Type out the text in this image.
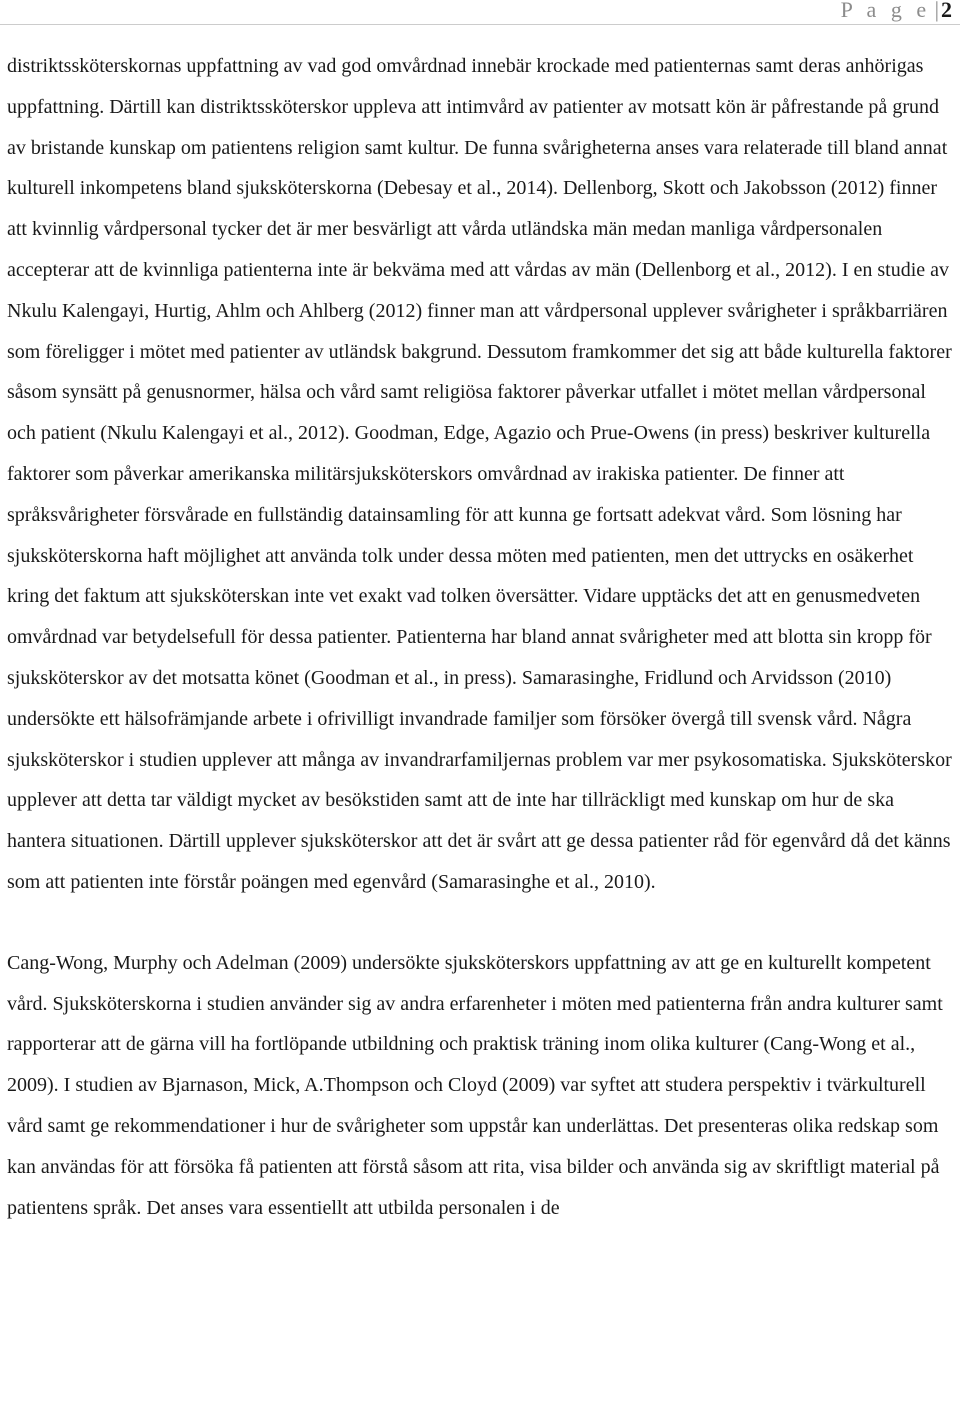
P a g e |2

distriktssköterskornas uppfattning av vad god omvårdnad innebär krockade med patienternas samt deras anhörigas uppfattning. Därtill kan distriktssköterskor uppleva att intimvård av patienter av motsatt kön är påfrestande på grund av bristande kunskap om patientens religion samt kultur. De funna svårigheterna anses vara relaterade till bland annat kulturell inkompetens bland sjuksköterskorna (Debesay et al., 2014). Dellenborg, Skott och Jakobsson (2012) finner att kvinnlig vårdpersonal tycker det är mer besvärligt att vårda utländska män medan manliga vårdpersonalen accepterar att de kvinnliga patienterna inte är bekväma med att vårdas av män (Dellenborg et al., 2012). I en studie av Nkulu Kalengayi, Hurtig, Ahlm och Ahlberg (2012) finner man att vårdpersonal upplever svårigheter i språkbarriären som föreligger i mötet med patienter av utländsk bakgrund. Dessutom framkommer det sig att både kulturella faktorer såsom synsätt på genusnormer, hälsa och vård samt religiösa faktorer påverkar utfallet i mötet mellan vårdpersonal och patient (Nkulu Kalengayi et al., 2012). Goodman, Edge, Agazio och Prue-Owens (in press) beskriver kulturella faktorer som påverkar amerikanska militärsjuksköterskors omvårdnad av irakiska patienter. De finner att språksvårigheter försvårade en fullständig datainsamling för att kunna ge fortsatt adekvat vård. Som lösning har sjuksköterskorna haft möjlighet att använda tolk under dessa möten med patienten, men det uttrycks en osäkerhet kring det faktum att sjuksköterskan inte vet exakt vad tolken översätter. Vidare upptäcks det att en genusmedveten omvårdnad var betydelsefull för dessa patienter. Patienterna har bland annat svårigheter med att blotta sin kropp för sjuksköterskor av det motsatta könet (Goodman et al., in press). Samarasinghe, Fridlund och Arvidsson (2010) undersökte ett hälsofrämjande arbete i ofrivilligt invandrade familjer som försöker övergå till svensk vård. Några sjuksköterskor i studien upplever att många av invandrarfamiljernas problem var mer psykosomatiska. Sjuksköterskor upplever att detta tar väldigt mycket av besökstiden samt att de inte har tillräckligt med kunskap om hur de ska hantera situationen. Därtill upplever sjuksköterskor att det är svårt att ge dessa patienter råd för egenvård då det känns som att patienten inte förstår poängen med egenvård (Samarasinghe et al., 2010).

Cang-Wong, Murphy och Adelman (2009) undersökte sjuksköterskors uppfattning av att ge en kulturellt kompetent vård. Sjuksköterskorna i studien använder sig av andra erfarenheter i möten med patienterna från andra kulturer samt rapporterar att de gärna vill ha fortlöpande utbildning och praktisk träning inom olika kulturer (Cang-Wong et al., 2009). I studien av Bjarnason, Mick, A.Thompson och Cloyd (2009) var syftet att studera perspektiv i tvärkulturell vård samt ge rekommendationer i hur de svårigheter som uppstår kan underlättas. Det presenteras olika redskap som kan användas för att försöka få patienten att förstå såsom att rita, visa bilder och använda sig av skriftligt material på patientens språk. Det anses vara essentiellt att utbilda personalen i de
